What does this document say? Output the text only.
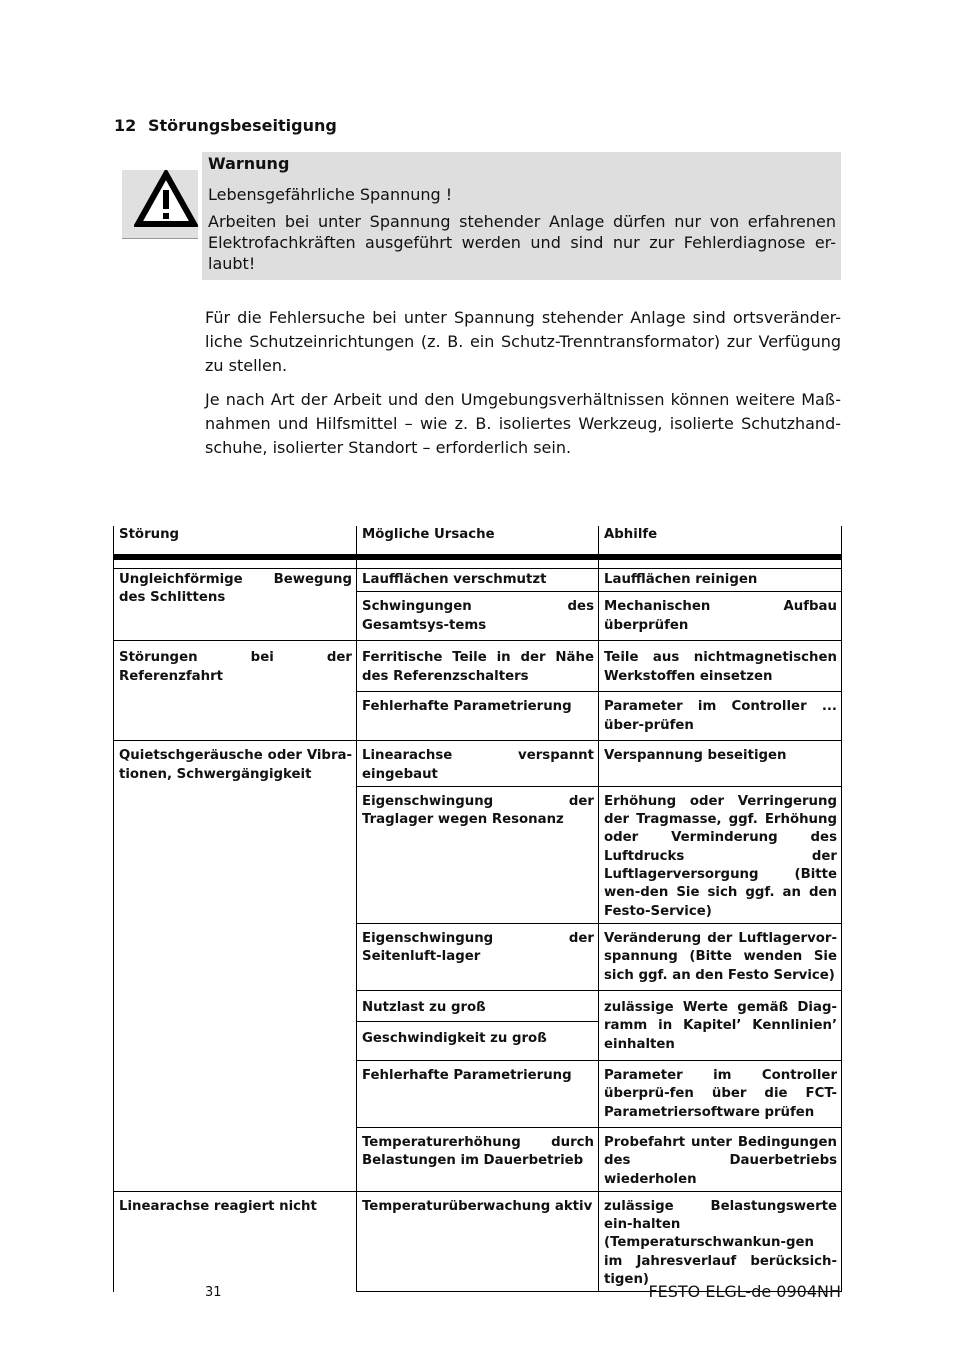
12 Störungsbeseitigung
Warnung
Lebensgefährliche Spannung !
Arbeiten bei unter Spannung stehender Anlage dürfen nur von erfahrenen Elektrofachkräften ausgeführt werden und sind nur zur Fehlerdiagnose er-laubt!
Für die Fehlersuche bei unter Spannung stehender Anlage sind ortsveränder-liche Schutzeinrichtungen (z. B. ein Schutz-Trenntransformator) zur Verfügung zu stellen.
Je nach Art der Arbeit und den Umgebungsverhältnissen können weitere Maß-nahmen und Hilfsmittel – wie z. B. isoliertes Werkzeug, isolierte Schutzhand-schuhe, isolierter Standort – erforderlich sein.
Störung	Mögliche Ursache	Abhilfe

Ungleichförmige Bewegung des Schlittens	Laufflächen verschmutzt	Laufflächen reinigen
	Schwingungen des Gesamtsys-tems	Mechanischen Aufbau überprüfen
Störungen bei der Referenzfahrt	Ferritische Teile in der Nähe des Referenzschalters	Teile aus nichtmagnetischen Werkstoffen einsetzen
	Fehlerhafte Parametrierung	Parameter im Controller ... über-prüfen
Quietschgeräusche oder Vibra-tionen, Schwergängigkeit	Linearachse verspannt eingebaut	Verspannung beseitigen
	Eigenschwingung der Traglager wegen Resonanz	Erhöhung oder Verringerung der Tragmasse, ggf. Erhöhung oder Verminderung des Luftdrucks der Luftlagerversorgung (Bitte wen-den Sie sich ggf. an den Festo-Service)
	Eigenschwingung der Seitenluft-lager	Veränderung der Luftlagervor-spannung (Bitte wenden Sie sich ggf. an den Festo Service)
	Nutzlast zu groß	zulässige Werte gemäß Diag-ramm in Kapitel’ Kennlinien’ einhalten
	Geschwindigkeit zu groß	
	Fehlerhafte Parametrierung	Parameter im Controller überprü-fen über die FCT-Parametriersoftware prüfen
	Temperaturerhöhung durch Belastungen im Dauerbetrieb	Probefahrt unter Bedingungen des Dauerbetriebs wiederholen
Linearachse reagiert nicht	Temperaturüberwachung aktiv	zulässige Belastungswerte ein-halten (Temperaturschwankun-gen im Jahresverlauf berücksich-tigen)
31	FESTO ELGL-de 0904NH
